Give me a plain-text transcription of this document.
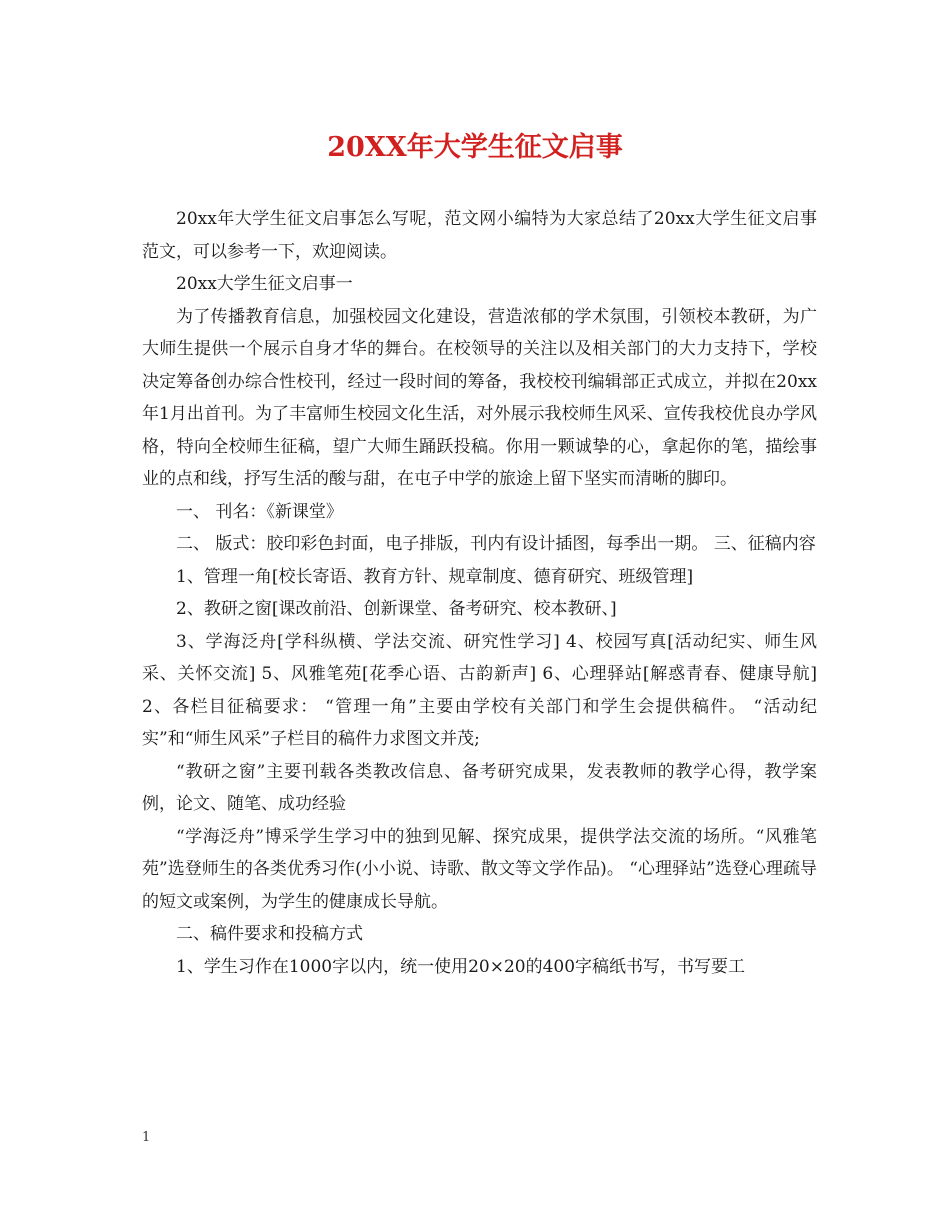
20XX年大学生征文启事

20xx年大学生征文启事怎么写呢，范文网小编特为大家总结了20xx大学生征文启事范文，可以参考一下，欢迎阅读。

20xx大学生征文启事一

为了传播教育信息，加强校园文化建设，营造浓郁的学术氛围，引领校本教研，为广大师生提供一个展示自身才华的舞台。在校领导的关注以及相关部门的大力支持下，学校决定筹备创办综合性校刊，经过一段时间的筹备，我校校刊编辑部正式成立，并拟在20xx年1月出首刊。为了丰富师生校园文化生活，对外展示我校师生风采、宣传我校优良办学风格，特向全校师生征稿，望广大师生踊跃投稿。你用一颗诚挚的心，拿起你的笔，描绘事业的点和线，抒写生活的酸与甜，在屯子中学的旅途上留下坚实而清晰的脚印。

一、 刊名：《新课堂》

二、 版式：胶印彩色封面，电子排版，刊内有设计插图，每季出一期。 三、征稿内容

1、管理一角[校长寄语、教育方针、规章制度、德育研究、班级管理]

2、教研之窗[课改前沿、创新课堂、备考研究、校本教研、]

3、学海泛舟[学科纵横、学法交流、研究性学习] 4、校园写真[活动纪实、师生风采、关怀交流] 5、风雅笔苑[花季心语、古韵新声] 6、心理驿站[解惑青春、健康导航] 2、各栏目征稿要求： “管理一角”主要由学校有关部门和学生会提供稿件。 “活动纪实”和“师生风采”子栏目的稿件力求图文并茂;

“教研之窗”主要刊载各类教改信息、备考研究成果，发表教师的教学心得，教学案例，论文、随笔、成功经验

“学海泛舟”博采学生学习中的独到见解、探究成果，提供学法交流的场所。“风雅笔苑”选登师生的各类优秀习作(小小说、诗歌、散文等文学作品)。 “心理驿站”选登心理疏导的短文或案例，为学生的健康成长导航。

二、稿件要求和投稿方式

1、学生习作在1000字以内，统一使用20×20的400字稿纸书写，书写要工

1
